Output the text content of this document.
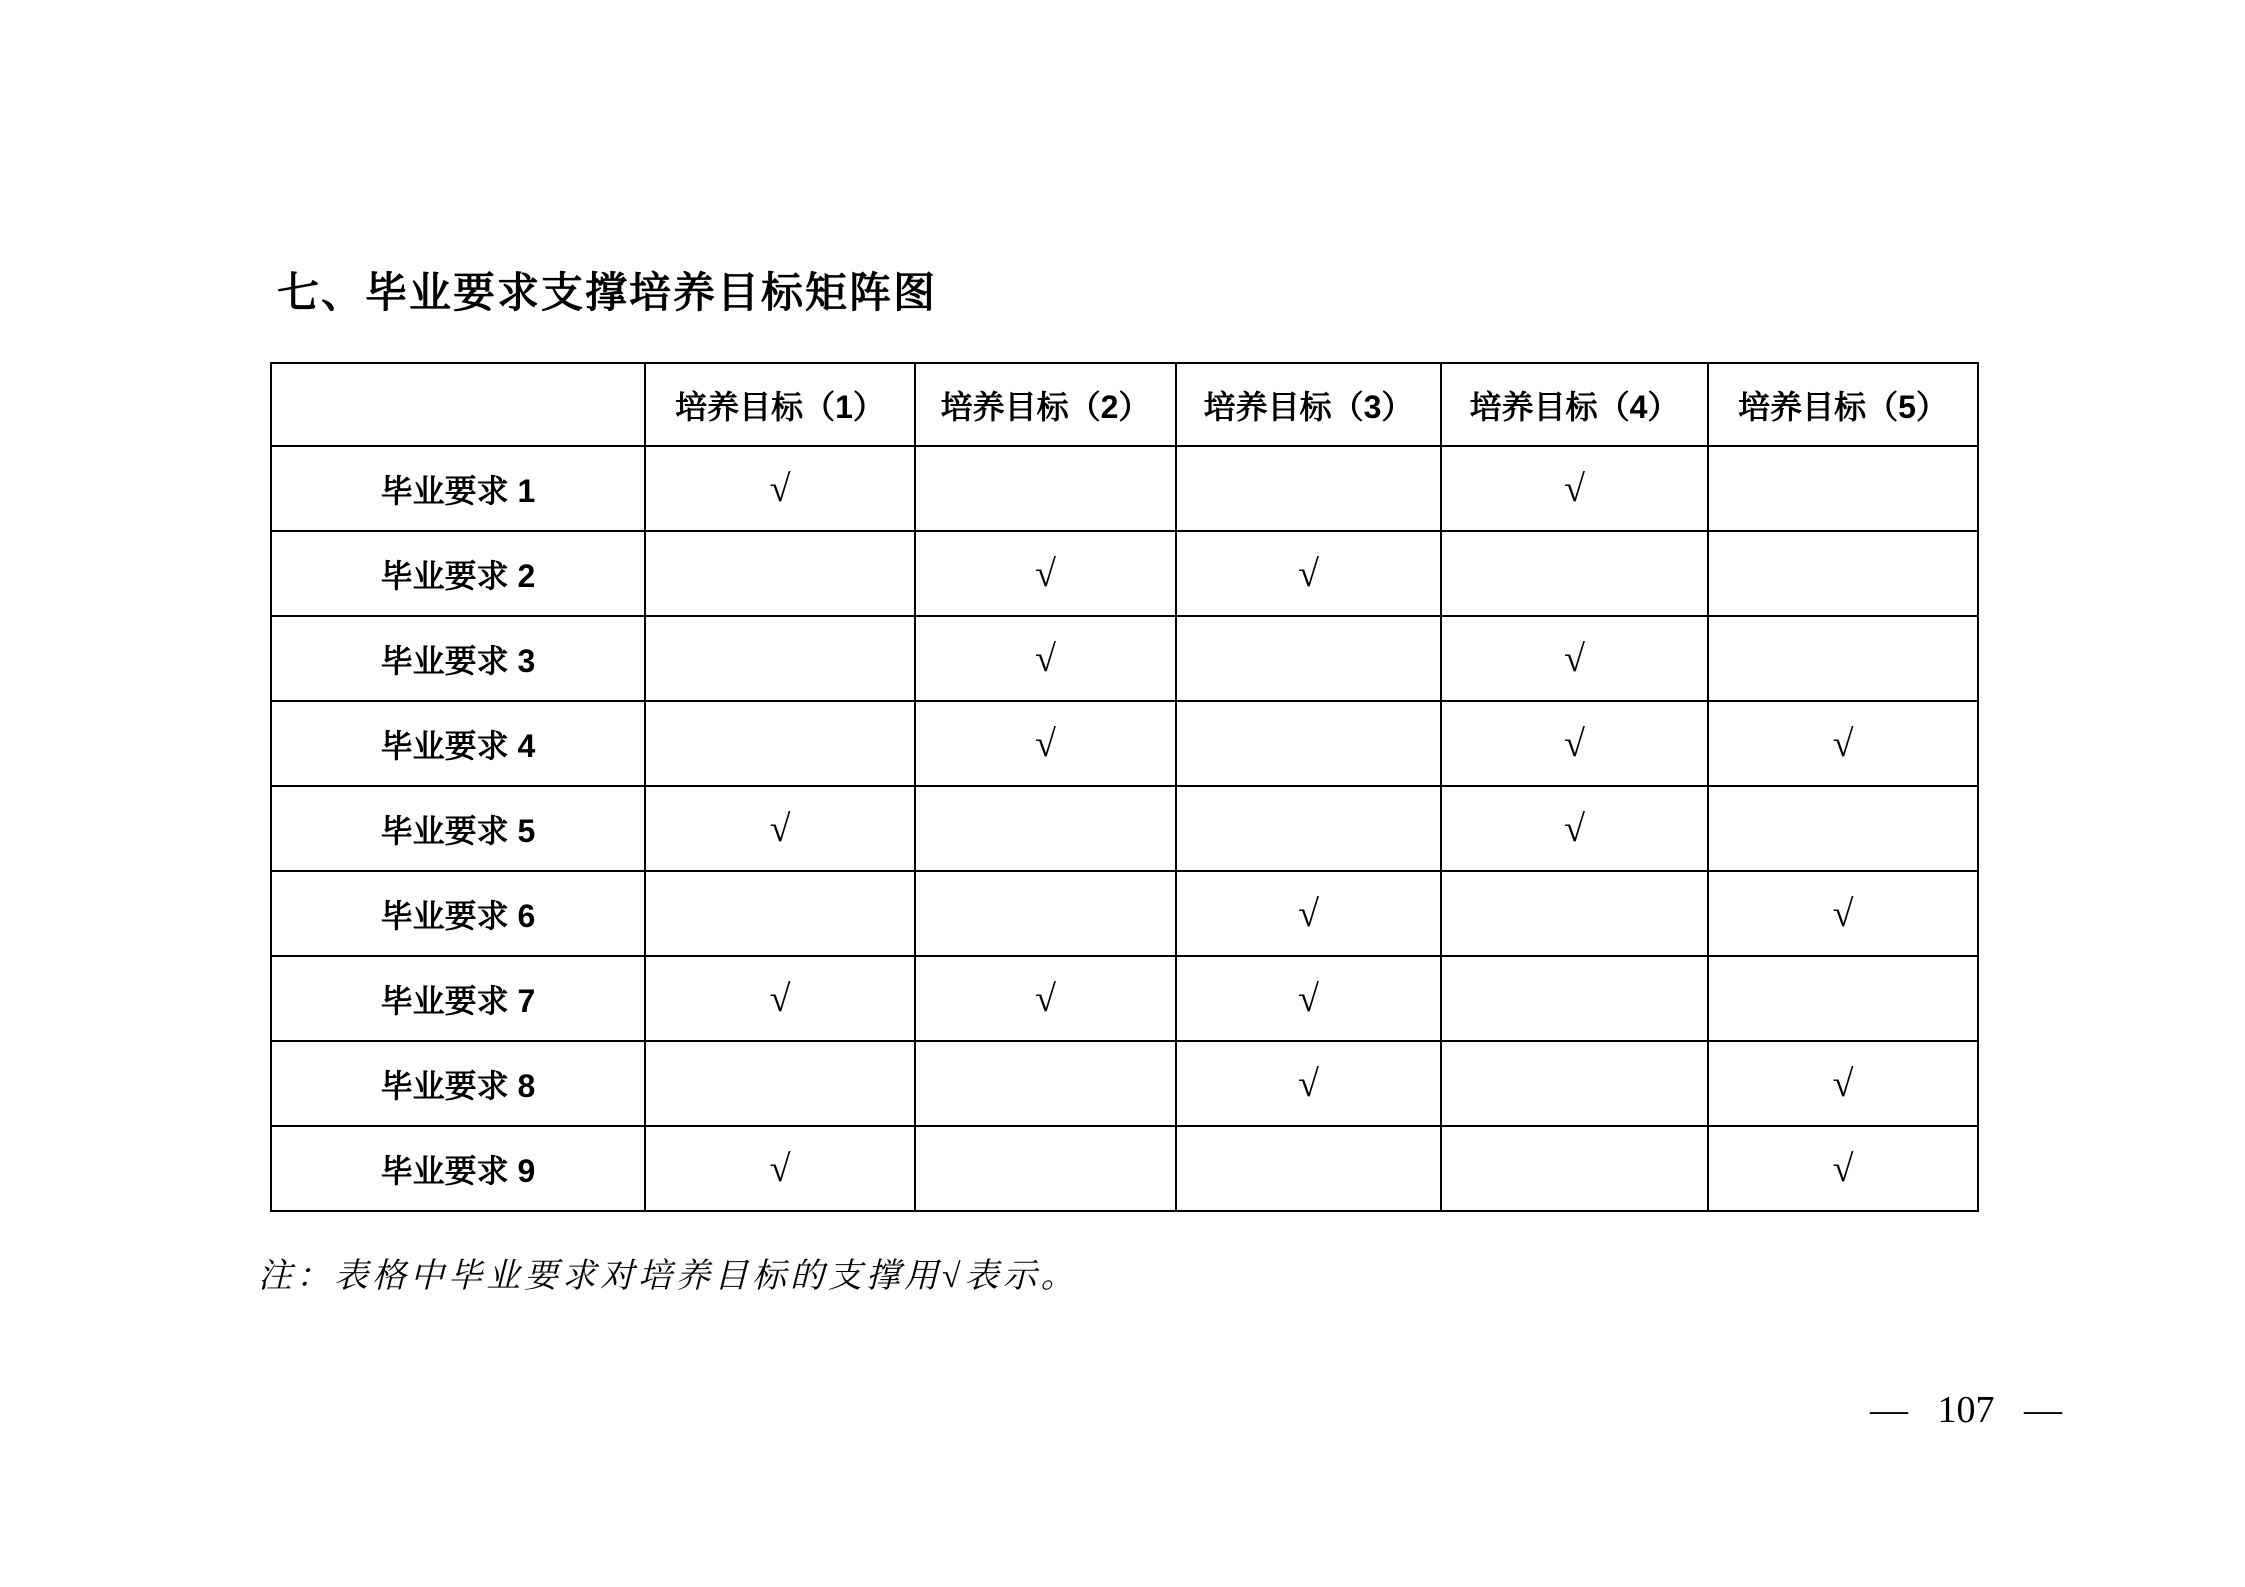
七、毕业要求支撑培养目标矩阵图
	培养目标（1）	培养目标（2）	培养目标（3）	培养目标（4）	培养目标（5）
毕业要求 1	√			√	
毕业要求 2		√	√		
毕业要求 3		√		√	
毕业要求 4		√		√	√
毕业要求 5	√			√	
毕业要求 6			√		√
毕业要求 7	√	√	√		
毕业要求 8			√		√
毕业要求 9	√				√
注：表格中毕业要求对培养目标的支撑用√表示。
— 107 —
